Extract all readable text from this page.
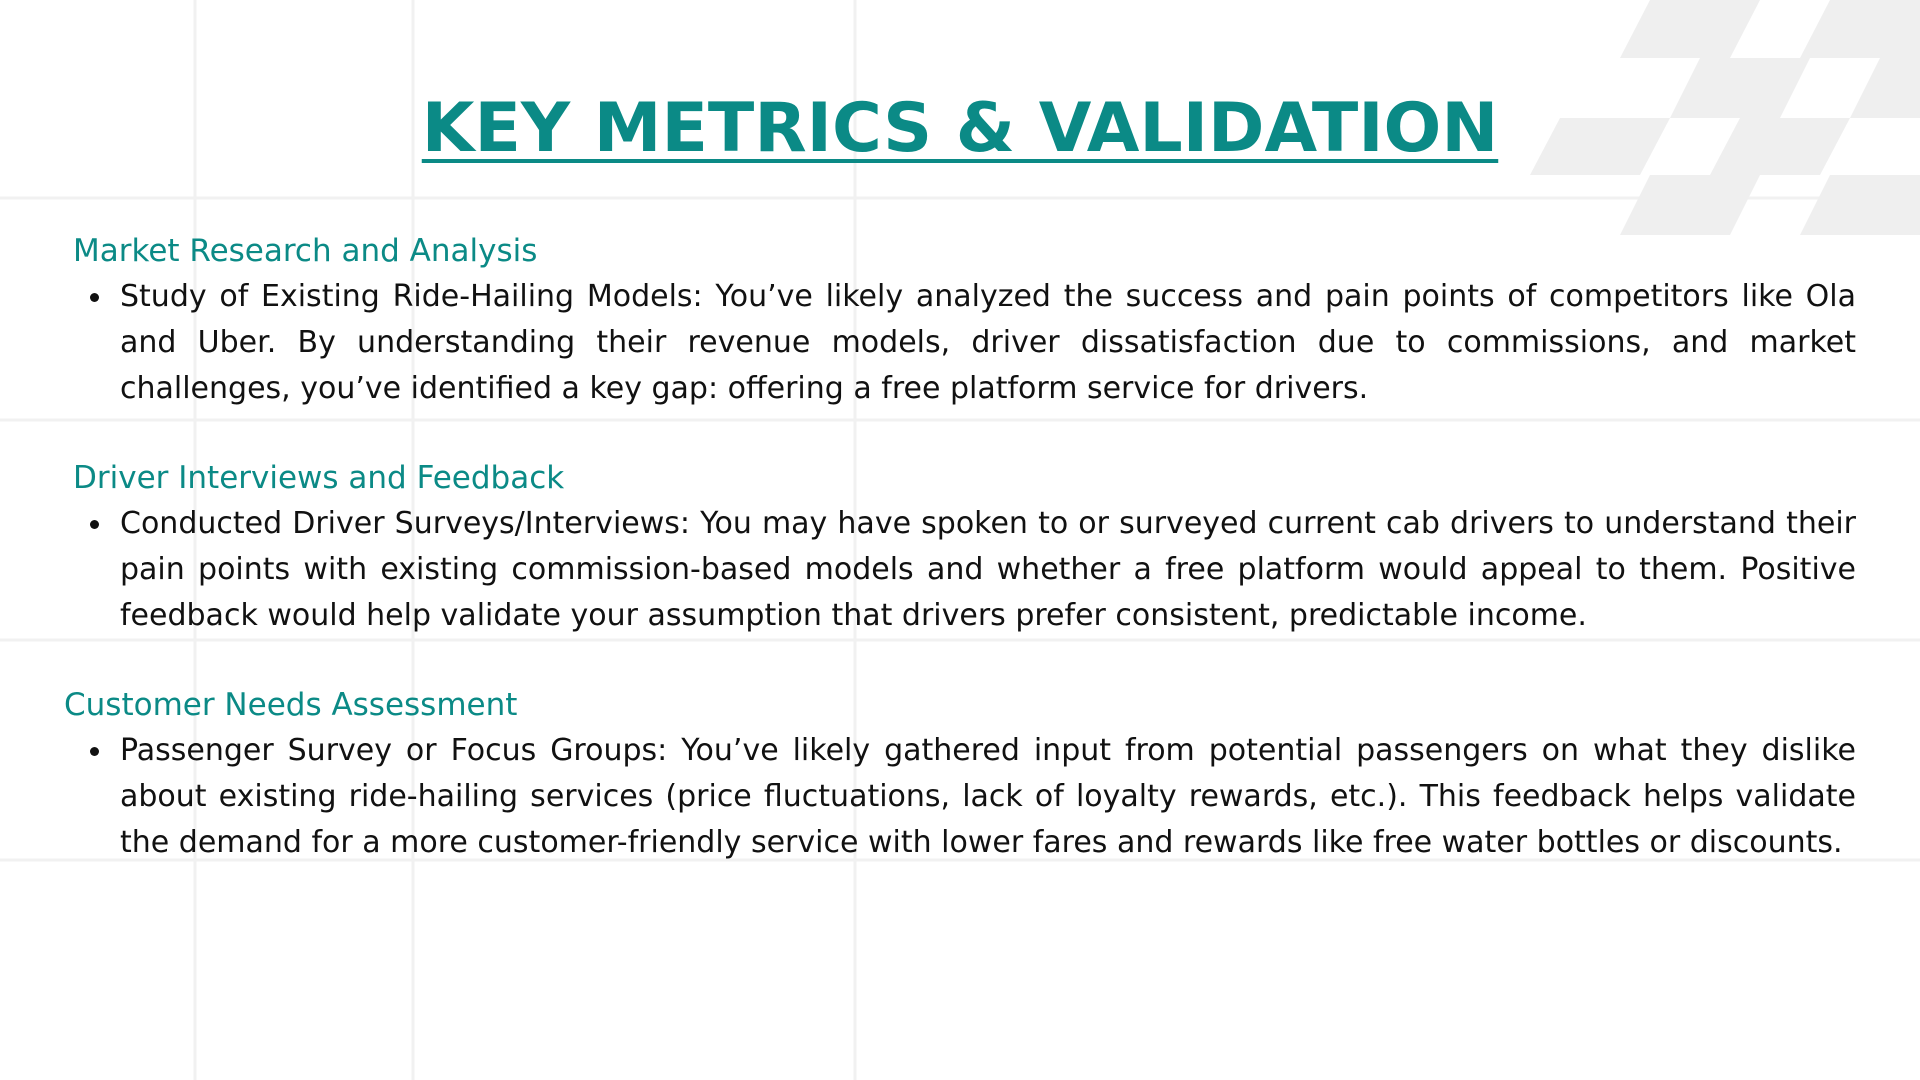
KEY METRICS & VALIDATION

Market Research and Analysis

Study of Existing Ride-Hailing Models: You’ve likely analyzed the success and pain points of competitors like Ola and Uber. By understanding their revenue models, driver dissatisfaction due to commissions, and market challenges, you’ve identified a key gap: offering a free platform service for drivers.

Driver Interviews and Feedback

Conducted Driver Surveys/Interviews: You may have spoken to or surveyed current cab drivers to understand their pain points with existing commission-based models and whether a free platform would appeal to them. Positive feedback would help validate your assumption that drivers prefer consistent, predictable income.

Customer Needs Assessment

Passenger Survey or Focus Groups: You’ve likely gathered input from potential passengers on what they dislike about existing ride-hailing services (price fluctuations, lack of loyalty rewards, etc.). This feedback helps validate the demand for a more customer-friendly service with lower fares and rewards like free water bottles or discounts.
